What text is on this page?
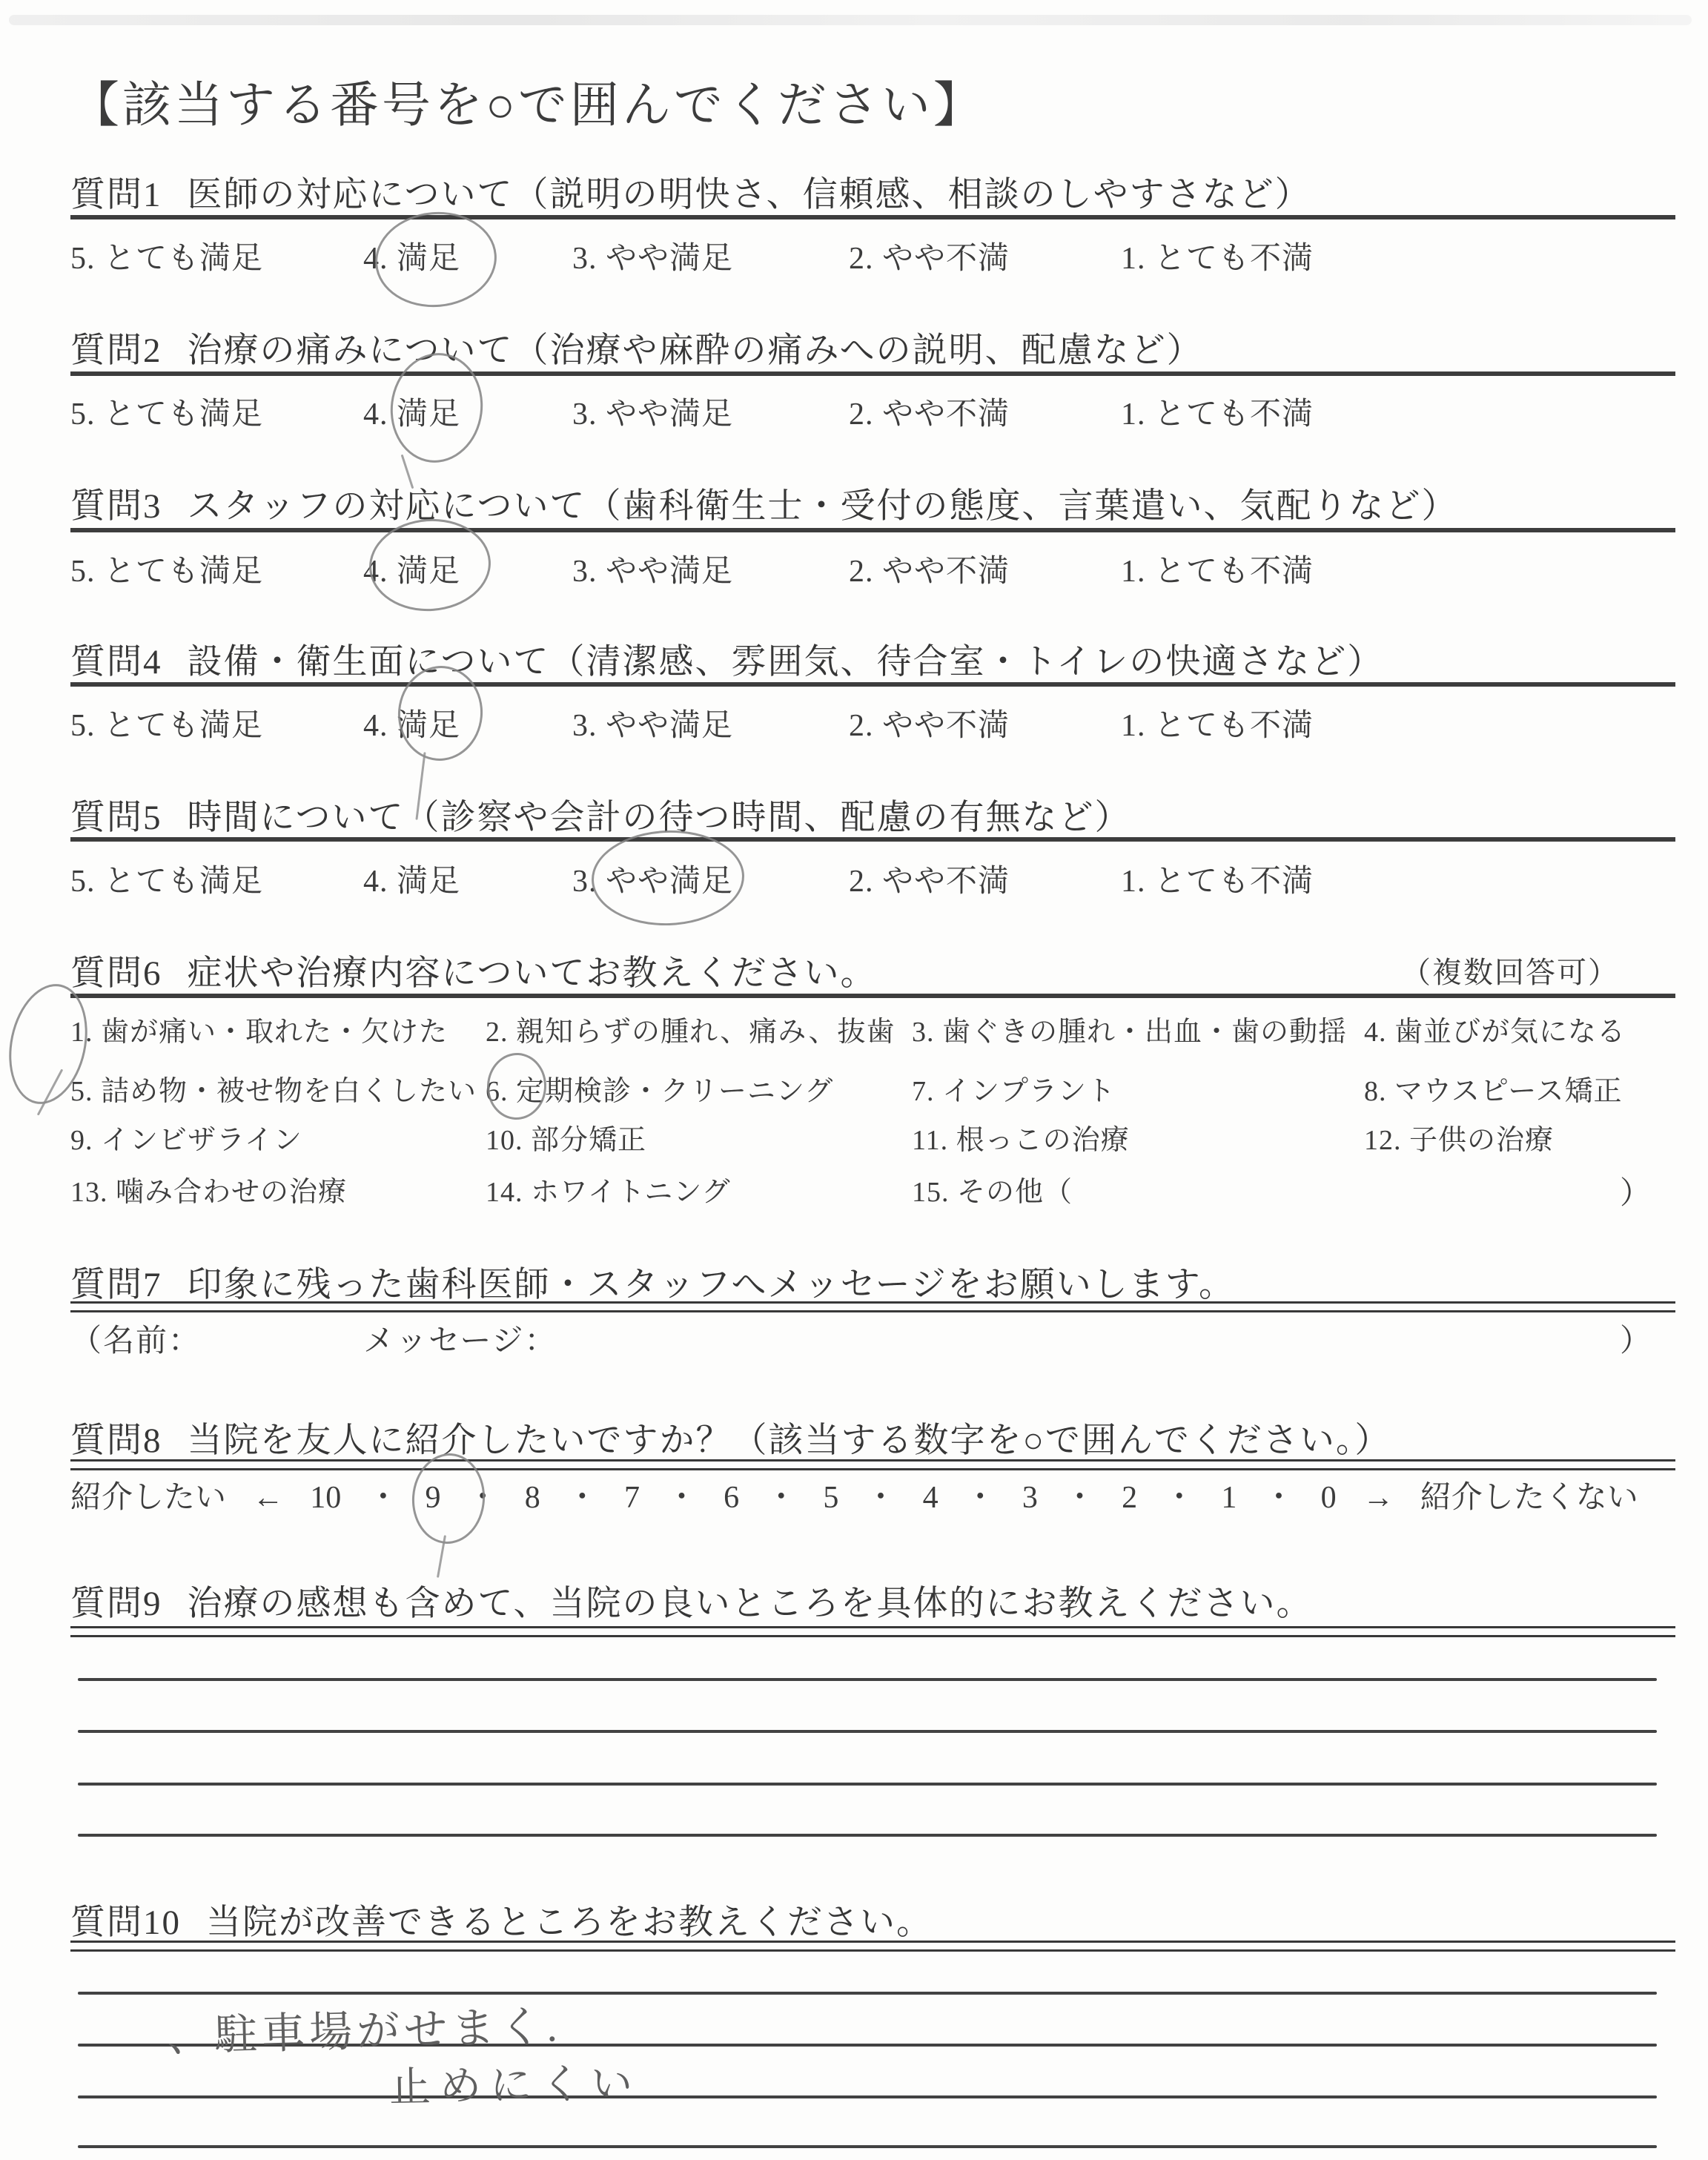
【該当する番号を○で囲んでください】
質問1 医師の対応について（説明の明快さ、信頼感、相談のしやすさなど）
5. とても満足	4. 満足	3. やや満足	2. やや不満	1. とても不満
質問2 治療の痛みについて（治療や麻酔の痛みへの説明、配慮など）
5. とても満足	4. 満足	3. やや満足	2. やや不満	1. とても不満
質問3 スタッフの対応について（歯科衛生士・受付の態度、言葉遣い、気配りなど）
5. とても満足	4. 満足	3. やや満足	2. やや不満	1. とても不満
質問4 設備・衛生面について（清潔感、雰囲気、待合室・トイレの快適さなど）
5. とても満足	4. 満足	3. やや満足	2. やや不満	1. とても不満
質問5 時間について（診察や会計の待つ時間、配慮の有無など）
5. とても満足	4. 満足	3. やや満足	2. やや不満	1. とても不満
質問6 症状や治療内容についてお教えください。	（複数回答可）
1. 歯が痛い・取れた・欠けた 2. 親知らずの腫れ、痛み、抜歯 3. 歯ぐきの腫れ・出血・歯の動揺 4. 歯並びが気になる
5. 詰め物・被せ物を白くしたい 6. 定期検診・クリーニング	7. インプラント	8. マウスピース矯正
9. インビザライン	10. 部分矯正	11. 根っこの治療	12. 子供の治療
13. 噛み合わせの治療	14. ホワイトニング	15. その他（	）
質問7 印象に残った歯科医師・スタッフへメッセージをお願いします。
（名前：	メッセージ：	）
質問8 当院を友人に紹介したいですか？（該当する数字を○で囲んでください。）
紹介したい ← 10 ・ 9 ・ 8 ・ 7 ・ 6 ・ 5 ・ 4 ・ 3 ・ 2 ・ 1 ・ 0 → 紹介したくない
質問9 治療の感想も含めて、当院の良いところを具体的にお教えください。
質問10 当院が改善できるところをお教えください。
、駐車場がせまく.
止めにくい
